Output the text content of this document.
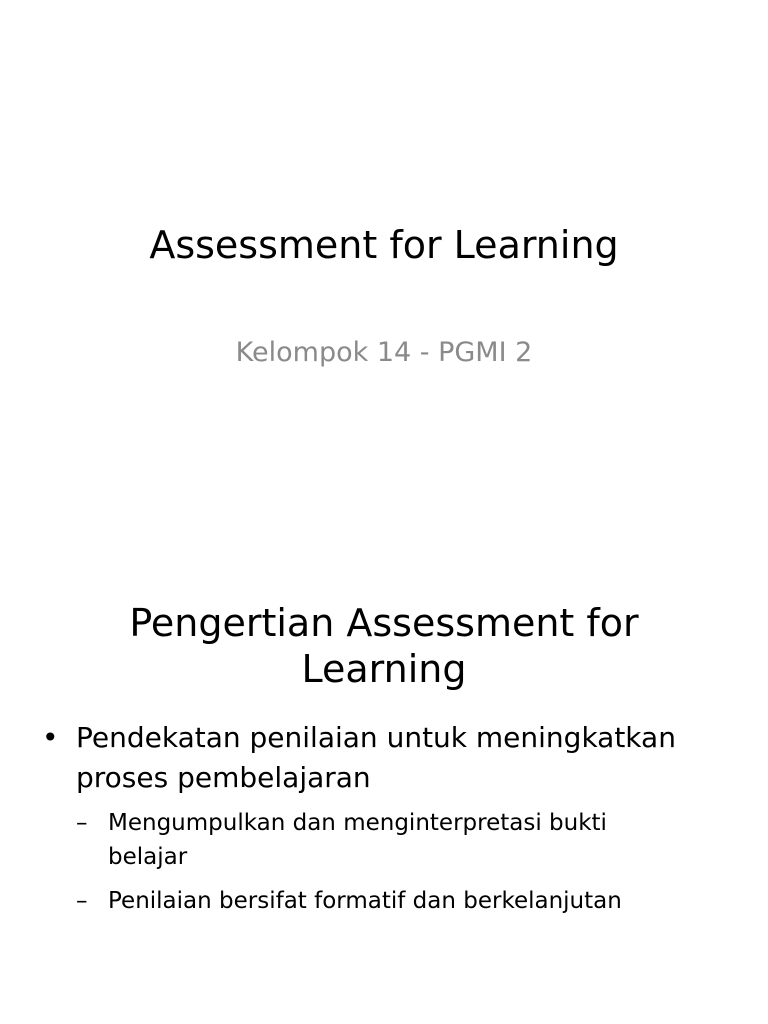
Assessment for Learning
Kelompok 14 - PGMI 2
Pengertian Assessment for Learning
• Pendekatan penilaian untuk meningkatkan proses pembelajaran
– Mengumpulkan dan menginterpretasi bukti belajar
– Penilaian bersifat formatif dan berkelanjutan
